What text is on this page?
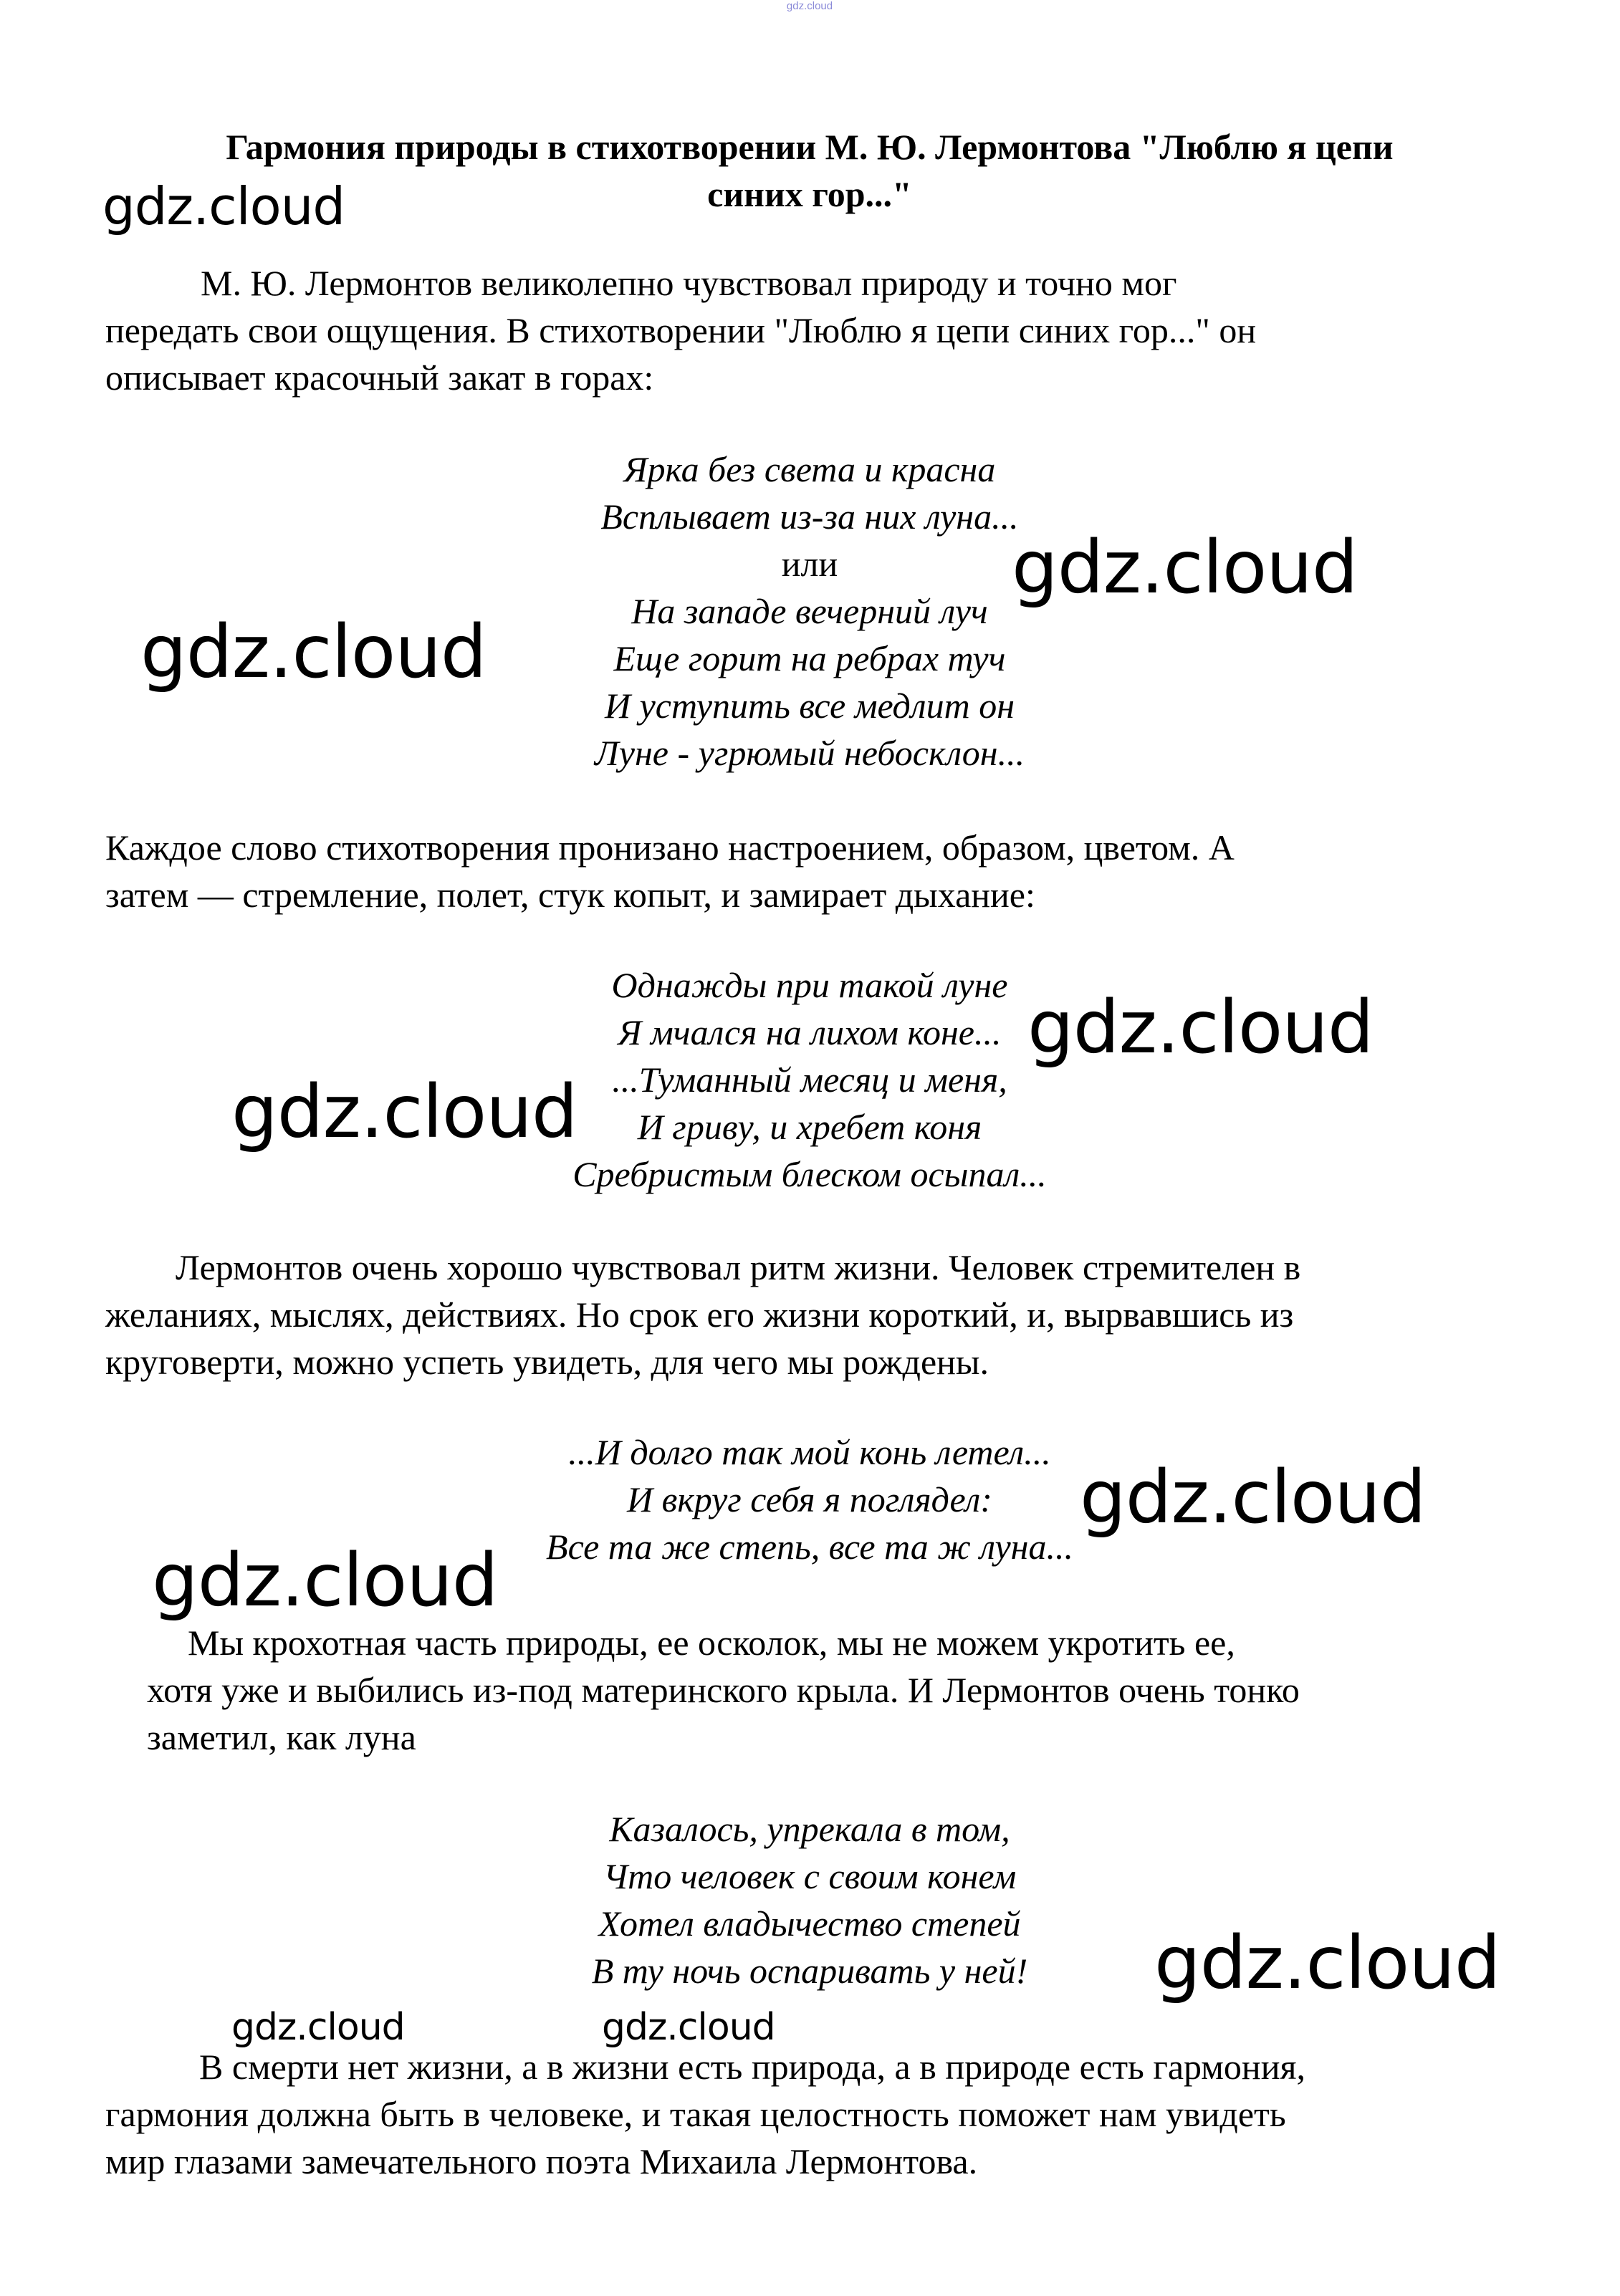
gdz.cloud
Гармония природы в стихотворении М. Ю. Лермонтова "Люблю я цепи
синих гор..."
М. Ю. Лермонтов великолепно чувствовал природу и точно мог
передать свои ощущения. В стихотворении "Люблю я цепи синих гор..." он
описывает красочный закат в горах:
Ярка без света и красна
Всплывает из-за них луна...
или
На западе вечерний луч
Еще горит на ребрах туч
И уступить все медлит он
Луне - угрюмый небосклон...
Каждое слово стихотворения пронизано настроением, образом, цветом. А
затем — стремление, полет, стук копыт, и замирает дыхание:
Однажды при такой луне
Я мчался на лихом коне...
...Туманный месяц и меня,
И гриву, и хребет коня
Сребристым блеском осыпал...
Лермонтов очень хорошо чувствовал ритм жизни. Человек стремителен в
желаниях, мыслях, действиях. Но срок его жизни короткий, и, вырвавшись из
круговерти, можно успеть увидеть, для чего мы рождены.
...И долго так мой конь летел...
И вкруг себя я поглядел:
Все та же степь, все та ж луна...
Мы крохотная часть природы, ее осколок, мы не можем укротить ее,
хотя уже и выбились из-под материнского крыла. И Лермонтов очень тонко
заметил, как луна
Казалось, упрекала в том,
Что человек с своим конем
Хотел владычество степей
В ту ночь оспаривать у ней!
В смерти нет жизни, а в жизни есть природа, а в природе есть гармония,
гармония должна быть в человеке, и такая целостность поможет нам увидеть
мир глазами замечательного поэта Михаила Лермонтова.
gdz.cloud
gdz.cloud
gdz.cloud
gdz.cloud
gdz.cloud
gdz.cloud
gdz.cloud
gdz.cloud
gdz.cloud	gdz.cloud
